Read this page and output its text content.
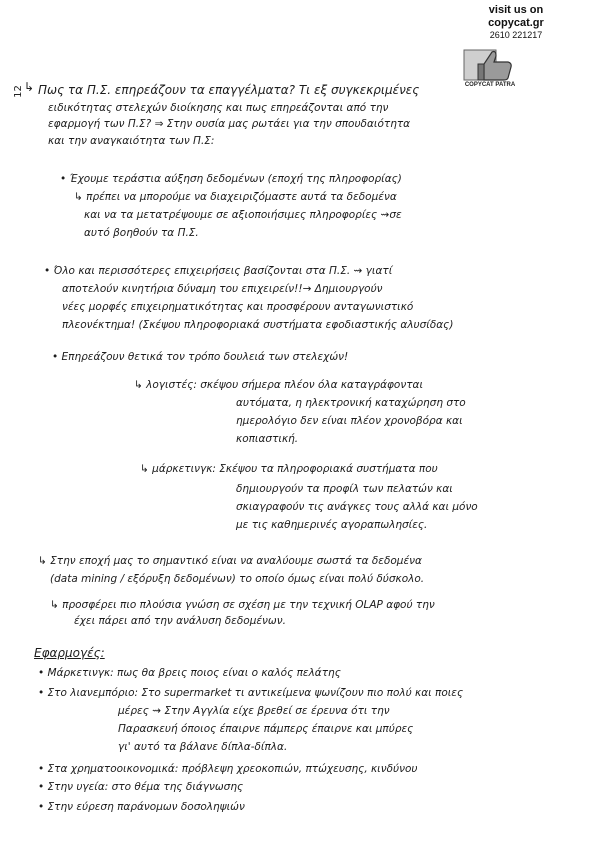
visit us on
copycat.gr
2610 221217
COPYCAT PATRA
12 ↳ Πως τα Π.Σ. επηρεάζουν τα επαγγέλματα? Τι εξ συγκεκριμένες
ειδικότητας στελεχών διοίκησης και πως επηρεάζονται από την
εφαρμογή των Π.Σ? ⇒ Στην ουσία μας ρωτάει για την σπουδαιότητα
και την αναγκαιότητα των Π.Σ:
• Έχουμε τεράστια αύξηση δεδομένων (εποχή της πληροφορίας)
↳ πρέπει να μπορούμε να διαχειριζόμαστε αυτά τα δεδομένα
και να τα μετατρέψουμε σε αξιοποιήσιμες πληροφορίες ⇝σε
αυτό βοηθούν τα Π.Σ.
• Όλο και περισσότερες επιχειρήσεις βασίζονται στα Π.Σ. ⇝ γιατί
αποτελούν κινητήρια δύναμη του επιχειρείν!!→ Δημιουργούν
νέες μορφές επιχειρηματικότητας και προσφέρουν ανταγωνιστικό
πλεονέκτημα! (Σκέψου πληροφοριακά συστήματα εφοδιαστικής αλυσίδας)
• Επηρεάζουν θετικά τον τρόπο δουλειά των στελεχών!
↳ λογιστές: σκέψου σήμερα πλέον όλα καταγράφονται
αυτόματα, η ηλεκτρονική καταχώρηση στο
ημερολόγιο δεν είναι πλέον χρονοβόρα και
κοπιαστική.
↳ μάρκετινγκ: Σκέψου τα πληροφοριακά συστήματα που
δημιουργούν τα προφίλ των πελατών και
σκιαγραφούν τις ανάγκες τους αλλά και μόνο
με τις καθημερινές αγοραπωλησίες.
↳ Στην εποχή μας το σημαντικό είναι να αναλύουμε σωστά τα δεδομένα
(data mining / εξόρυξη δεδομένων) το οποίο όμως είναι πολύ δύσκολο.
↳ προσφέρει πιο πλούσια γνώση σε σχέση με την τεχνική OLAP αφού την
έχει πάρει από την ανάλυση δεδομένων.
Εφαρμογές:
• Μάρκετινγκ: πως θα βρεις ποιος είναι ο καλός πελάτης
• Στο λιανεμπόριο: Στο supermarket τι αντικείμενα ψωνίζουν πιο πολύ και ποιες
μέρες ⇝ Στην Αγγλία είχε βρεθεί σε έρευνα ότι την
Παρασκευή όποιος έπαιρνε πάμπερς έπαιρνε και μπύρες
γι' αυτό τα βάλανε δίπλα-δίπλα.
• Στα χρηματοοικονομικά: πρόβλεψη χρεοκοπιών, πτώχευσης, κινδύνου
• Στην υγεία: στο θέμα της διάγνωσης
• Στην εύρεση παράνομων δοσοληψιών
